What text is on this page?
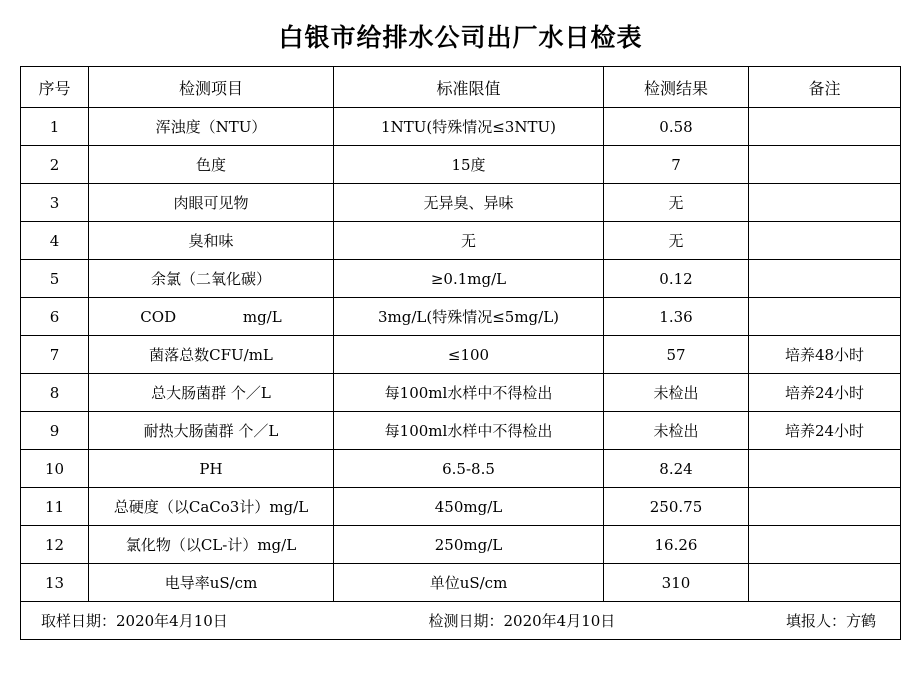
白银市给排水公司出厂水日检表
序号	检测项目	标准限值	检测结果	备注
1	浑浊度（NTU）	1NTU(特殊情况≤3NTU)	0.58	
2	色度	15度	7	
3	肉眼可见物	无异臭、异味	无	
4	臭和味	无	无	
5	余氯（二氧化碳）	≥0.1mg/L	0.12	
6	COD              mg/L	3mg/L(特殊情况≤5mg/L)	1.36	
7	菌落总数CFU/mL	≤100	57	培养48小时
8	总大肠菌群 个／L	每100ml水样中不得检出	未检出	培养24小时
9	耐热大肠菌群 个／L	每100ml水样中不得检出	未检出	培养24小时
10	PH	6.5-8.5	8.24	
11	总硬度（以CaCo3计）mg/L	450mg/L	250.75	
12	氯化物（以CL-计）mg/L	250mg/L	16.26	
13	电导率uS/cm	单位uS/cm	310	

取样日期：2020年4月10日 检测日期：2020年4月10日 填报人：方鹤				
